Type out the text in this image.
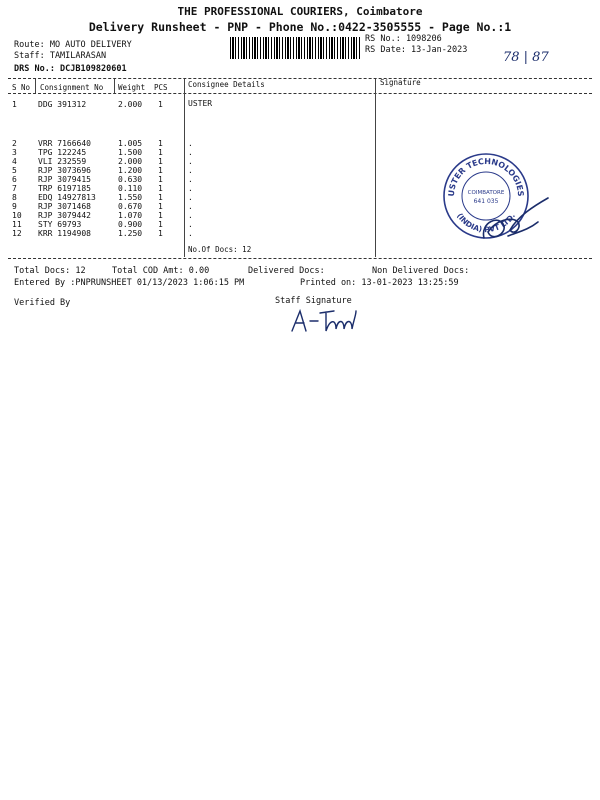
THE PROFESSIONAL COURIERS, Coimbatore
Delivery Runsheet - PNP - Phone No.:0422-3505555 - Page No.:1
Route: MO AUTO DELIVERY
Staff: TAMILARASAN
DRS No.: DCJB109820601
RS No.: 1098206
RS Date: 13-Jan-2023	78 | 87
S No Consignment No Weight PCS	Consignee Details	Signature
1	DDG 391312	2.000 1	USTER
2	VRR 7166640	1.005 1	.
3	TPG 122245	1.500 1	.
4	VLI 232559	2.000 1	.
5	RJP 3073696	1.200 1	.
6	RJP 3079415	0.630 1	.
7	TRP 6197185	0.110 1	.
8	EDQ 14927813	1.550 1	.
9	RJP 3071468	0.670 1	.
10 RJP 3079442	1.070 1	.
11 STY 69793	0.900 1	.
12 KRR 1194908	1.250 1	.
No.Of Docs: 12
USTER TECHNOLOGIES
(INDIA) PVT LTD.
COIMBATORE
641 035
Total Docs: 12	Total COD Amt: 0.00	Delivered Docs:	Non Delivered Docs:
Entered By :PNPRUNSHEET 01/13/2023 1:06:15 PM	Printed on: 13-01-2023 13:25:59
Verified By	Staff Signature
